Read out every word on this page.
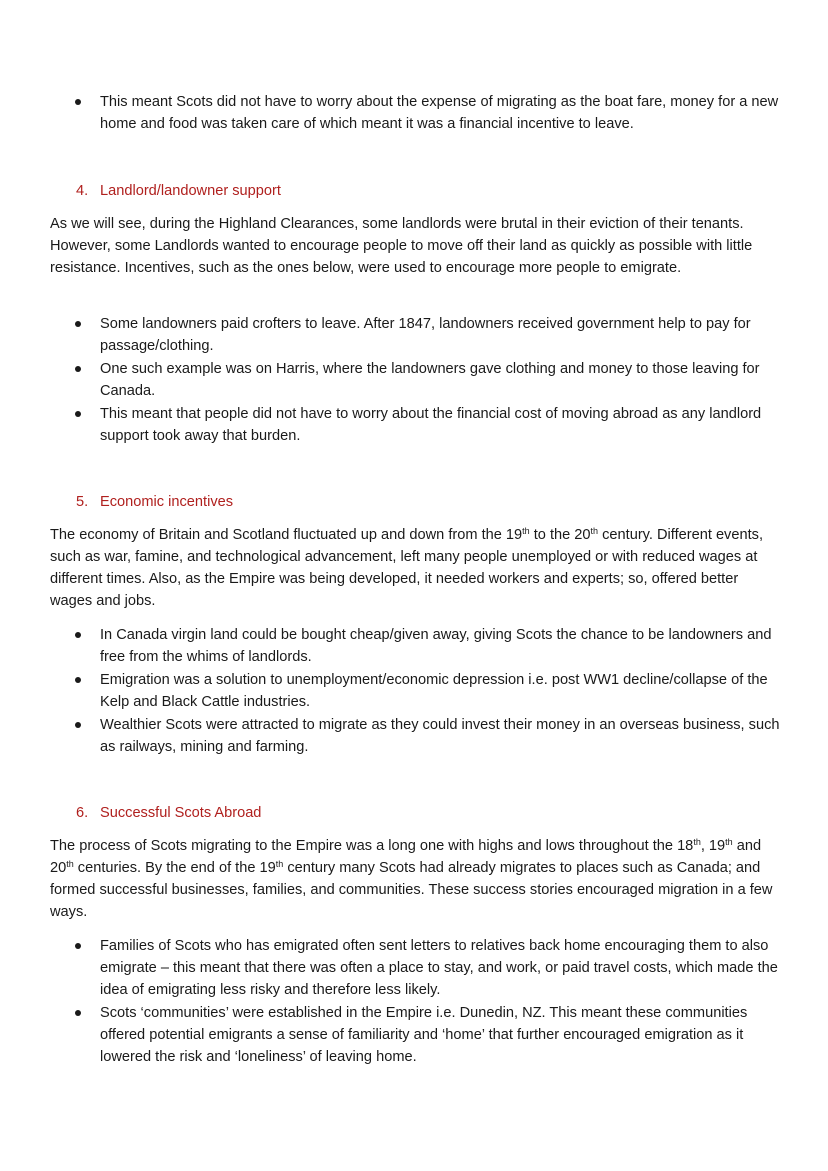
This meant Scots did not have to worry about the expense of migrating as the boat fare, money for a new home and food was taken care of which meant it was a financial incentive to leave.
4. Landlord/landowner support

As we will see, during the Highland Clearances, some landlords were brutal in their eviction of their tenants. However, some Landlords wanted to encourage people to move off their land as quickly as possible with little resistance. Incentives, such as the ones below, were used to encourage more people to emigrate.

Some landowners paid crofters to leave. After 1847, landowners received government help to pay for passage/clothing.
One such example was on Harris, where the landowners gave clothing and money to those leaving for Canada.
This meant that people did not have to worry about the financial cost of moving abroad as any landlord support took away that burden.
5. Economic incentives

The economy of Britain and Scotland fluctuated up and down from the 19th to the 20th century. Different events, such as war, famine, and technological advancement, left many people unemployed or with reduced wages at different times. Also, as the Empire was being developed, it needed workers and experts; so, offered better wages and jobs.

In Canada virgin land could be bought cheap/given away, giving Scots the chance to be landowners and free from the whims of landlords.
Emigration was a solution to unemployment/economic depression i.e. post WW1 decline/collapse of the Kelp and Black Cattle industries.
Wealthier Scots were attracted to migrate as they could invest their money in an overseas business, such as railways, mining and farming.
6. Successful Scots Abroad

The process of Scots migrating to the Empire was a long one with highs and lows throughout the 18th, 19th and 20th centuries. By the end of the 19th century many Scots had already migrates to places such as Canada; and formed successful businesses, families, and communities. These success stories encouraged migration in a few ways.

Families of Scots who has emigrated often sent letters to relatives back home encouraging them to also emigrate – this meant that there was often a place to stay, and work, or paid travel costs, which made the idea of emigrating less risky and therefore less likely.
Scots ‘communities’ were established in the Empire i.e. Dunedin, NZ. This meant these communities offered potential emigrants a sense of familiarity and ‘home’ that further encouraged emigration as it lowered the risk and ‘loneliness’ of leaving home.
